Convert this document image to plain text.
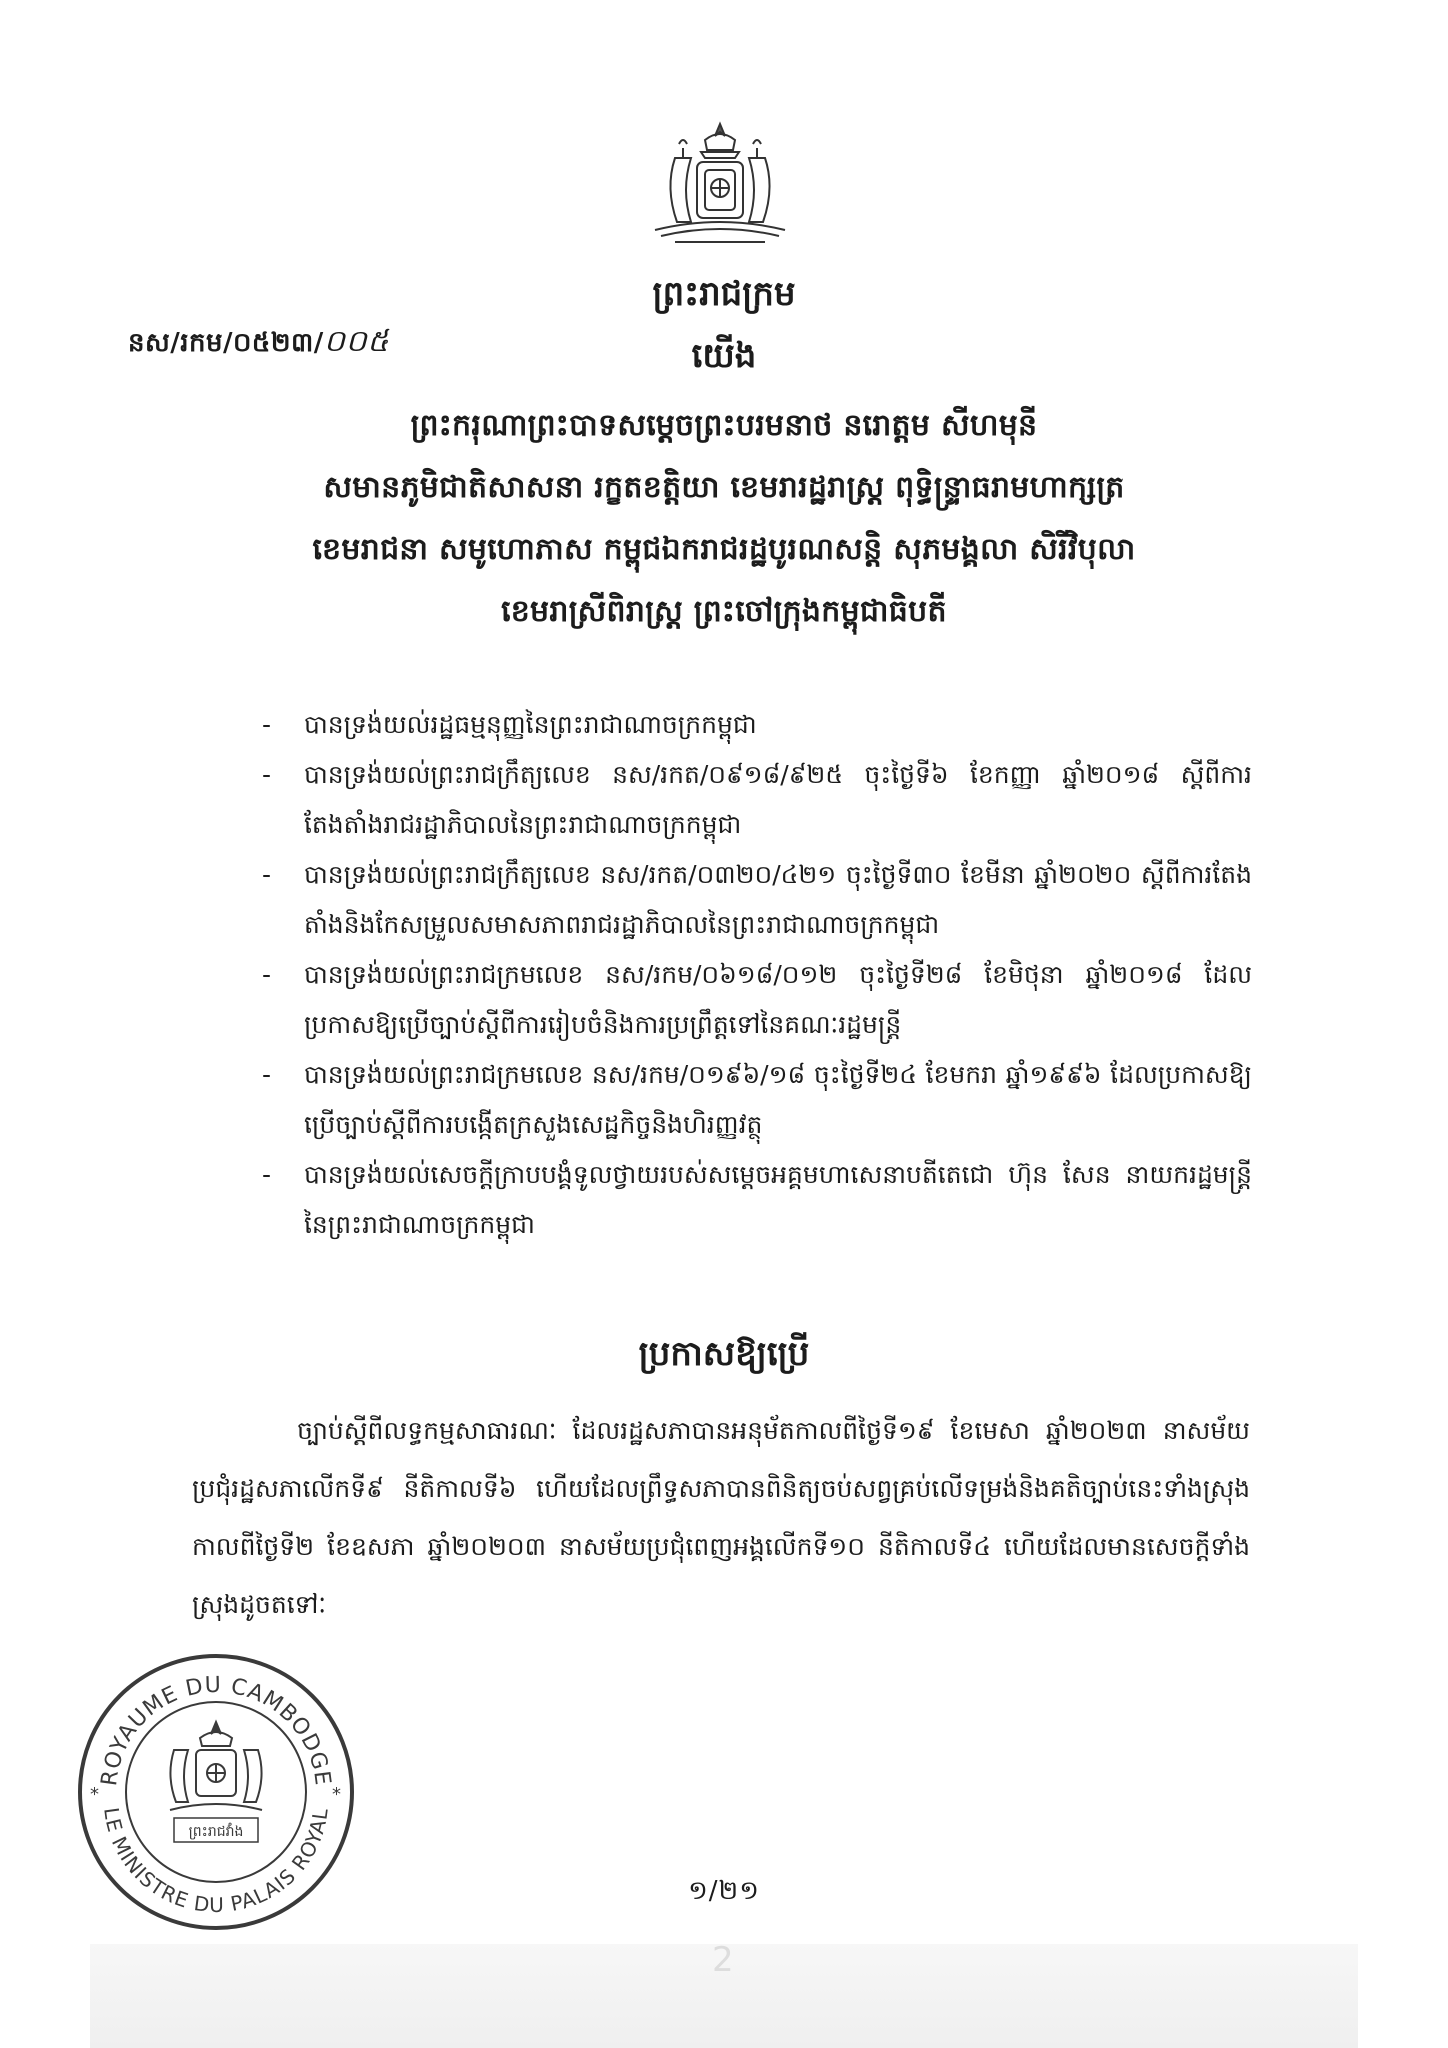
ព្រះរាជក្រម
នស/រកម/០៥២៣/០០៥	យើង
ព្រះករុណាព្រះបាទសម្តេចព្រះបរមនាថ នរោត្តម សីហមុនី
សមានភូមិជាតិសាសនា រក្ខតខត្តិយា ខេមរារដ្ឋរាស្ត្រ ពុទ្ធិន្ទ្រាធរាមហាក្សត្រ
ខេមរាជនា សមូហោភាស កម្ពុជឯករាជរដ្ឋបូរណសន្តិ សុភមង្គលា សិរីវិបុលា
ខេមរាស្រីពិរាស្ត្រ ព្រះចៅក្រុងកម្ពុជាធិបតី
- បានទ្រង់យល់រដ្ឋធម្មនុញ្ញនៃព្រះរាជាណាចក្រកម្ពុជា
- បានទ្រង់យល់ព្រះរាជក្រឹត្យលេខ នស/រកត/០៩១៨/៩២៥ ចុះថ្ងៃទី៦ ខែកញ្ញា ឆ្នាំ២០១៨ ស្តីពីការតែងតាំងរាជរដ្ឋាភិបាលនៃព្រះរាជាណាចក្រកម្ពុជា
- បានទ្រង់យល់ព្រះរាជក្រឹត្យលេខ នស/រកត/០៣២០/៤២១ ចុះថ្ងៃទី៣០ ខែមីនា ឆ្នាំ២០២០ ស្តីពីការតែងតាំងនិងកែសម្រួលសមាសភាពរាជរដ្ឋាភិបាលនៃព្រះរាជាណាចក្រកម្ពុជា
- បានទ្រង់យល់ព្រះរាជក្រមលេខ នស/រកម/០៦១៨/០១២ ចុះថ្ងៃទី២៨ ខែមិថុនា ឆ្នាំ២០១៨ ដែលប្រកាសឱ្យប្រើច្បាប់ស្តីពីការរៀបចំនិងការប្រព្រឹត្តទៅនៃគណៈរដ្ឋមន្ត្រី
- បានទ្រង់យល់ព្រះរាជក្រមលេខ នស/រកម/០១៩៦/១៨ ចុះថ្ងៃទី២៤ ខែមករា ឆ្នាំ១៩៩៦ ដែលប្រកាសឱ្យប្រើច្បាប់ស្តីពីការបង្កើតក្រសួងសេដ្ឋកិច្ចនិងហិរញ្ញវត្ថុ
- បានទ្រង់យល់សេចក្តីក្រាបបង្គំទូលថ្វាយរបស់សម្តេចអគ្គមហាសេនាបតីតេជោ ហ៊ុន សែន នាយករដ្ឋមន្ត្រីនៃព្រះរាជាណាចក្រកម្ពុជា
ប្រកាសឱ្យប្រើ

ច្បាប់ស្តីពីលទ្ធកម្មសាធារណៈ ដែលរដ្ឋសភាបានអនុម័តកាលពីថ្ងៃទី១៩ ខែមេសា ឆ្នាំ២០២៣ នាសម័យប្រជុំរដ្ឋសភាលើកទី៩ នីតិកាលទី៦ ហើយដែលព្រឹទ្ធសភាបានពិនិត្យចប់សព្វគ្រប់លើទម្រង់និងគតិច្បាប់នេះទាំងស្រុងកាលពីថ្ងៃទី២ ខែឧសភា ឆ្នាំ២០២០៣ នាសម័យប្រជុំពេញអង្គលើកទី១០ នីតិកាលទី៤ ហើយដែលមានសេចក្តីទាំងស្រុងដូចតទៅៈ

ROYAUME DU CAMBODGE
LE MINISTRE DU PALAIS ROYAL
*	*
ព្រះរាជវាំង
១/២១
2
